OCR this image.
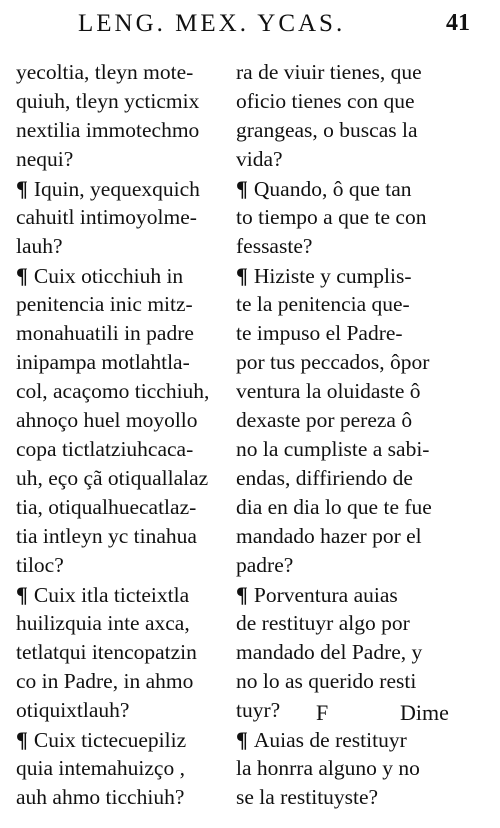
LENG. MEX. YCAS.	41
yecoltia, tleyn mote-
quiuh, tleyn ycticmix
nextilia immotechmo
nequi?
¶ Iquin, yequexquich
cahuitl intimoyolme-
lauh?
¶ Cuix oticchiuh in
penitencia inic mitz-
monahuatili in padre
inipampa motlahtla-
col, acaçomo ticchiuh,
ahnoço huel moyollo
copa tictlatziuhcaca-
uh, eço çã otiquallalaz
tia, otiqualhuecatlaz-
tia intleyn yc tinahua
tiloc?
¶ Cuix itla ticteixtla
huilizquia inte axca,
tetlatqui itencopatzin
co in Padre, in ahmo
otiquixtlauh?
¶ Cuix tictecuepiliz
quia intemahuizço ,
auh ahmo ticchiuh?
ra de viuir tienes, que
oficio tienes con que
grangeas, o buscas la
vida?
¶ Quando, ô que tan
to tiempo a que te con
fessaste?
¶ Hiziste y cumplis-
te la penitencia que-
te impuso el Padre-
por tus peccados, ôpor
ventura la oluidaste ô
dexaste por pereza ô
no la cumpliste a sabi-
endas, diffiriendo de
dia en dia lo que te fue
mandado hazer por el
padre?
¶ Porventura auias
de restituyr algo por
mandado del Padre, y
no lo as querido resti
tuyr?
¶ Auias de restituyr
la honrra alguno y no
se la restituyste?
F	Dime
